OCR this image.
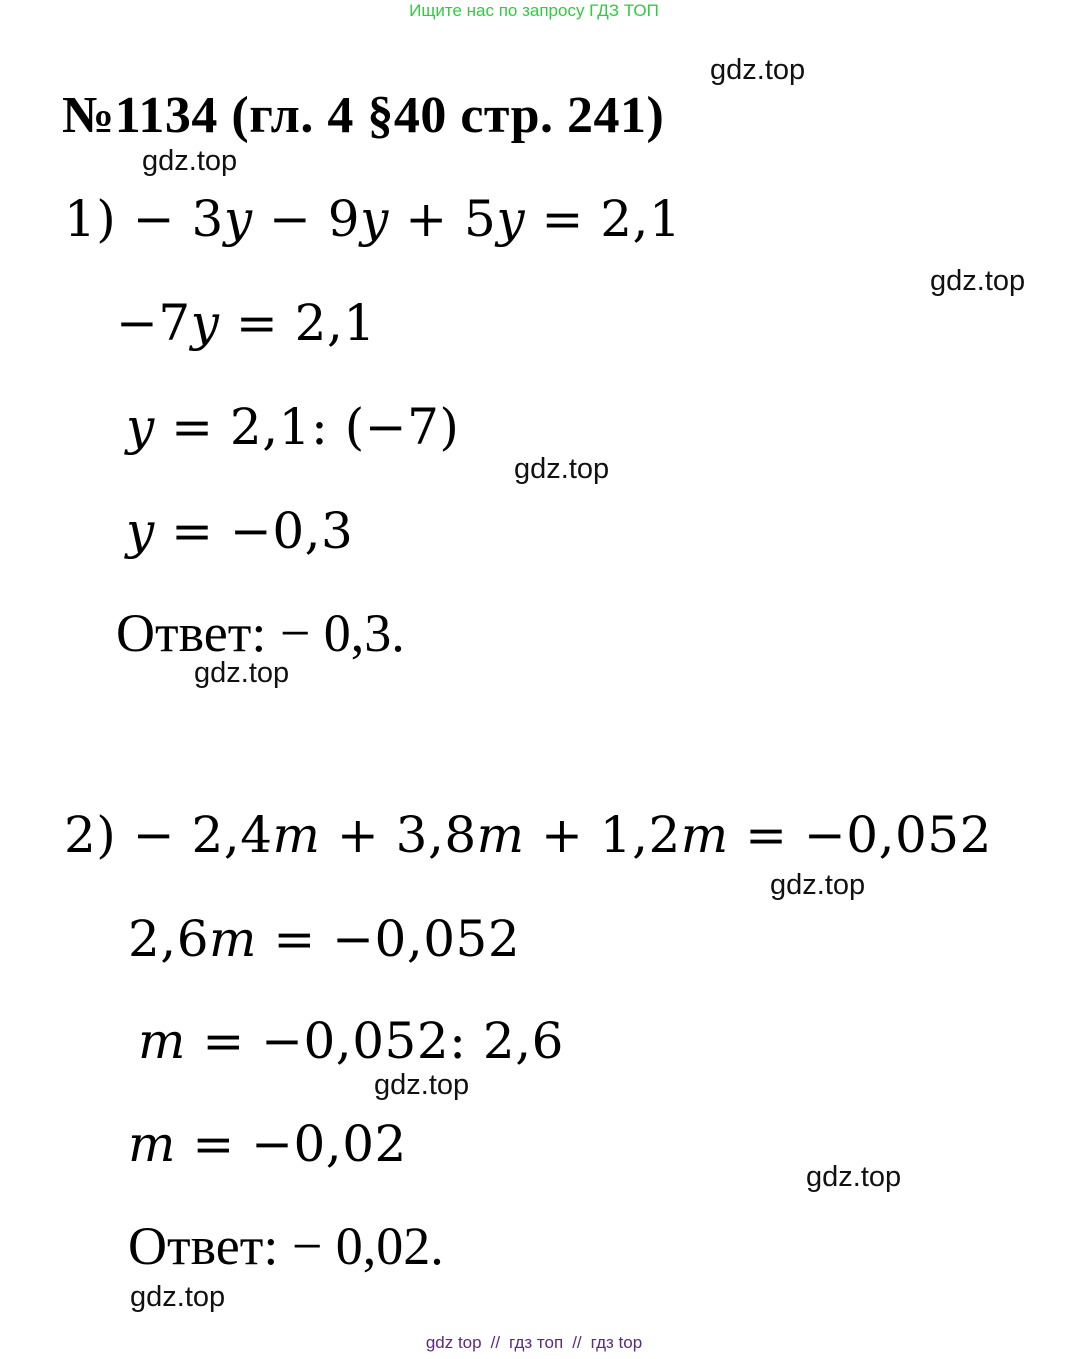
Ищите нас по запросу ГДЗ ТОП
gdz.top
№1134 (гл. 4 §40 стр. 241)
gdz.top
1) − 3y − 9y + 5y = 2,1
gdz.top
−7y = 2,1
y = 2,1: (−7)
gdz.top
y = −0,3
Ответ: − 0,3.
gdz.top
2) − 2,4m + 3,8m + 1,2m = −0,052
gdz.top
2,6m = −0,052
m = −0,052: 2,6
gdz.top
m = −0,02
gdz.top
Ответ: − 0,02.
gdz.top
gdz top // гдз топ // гдз top
